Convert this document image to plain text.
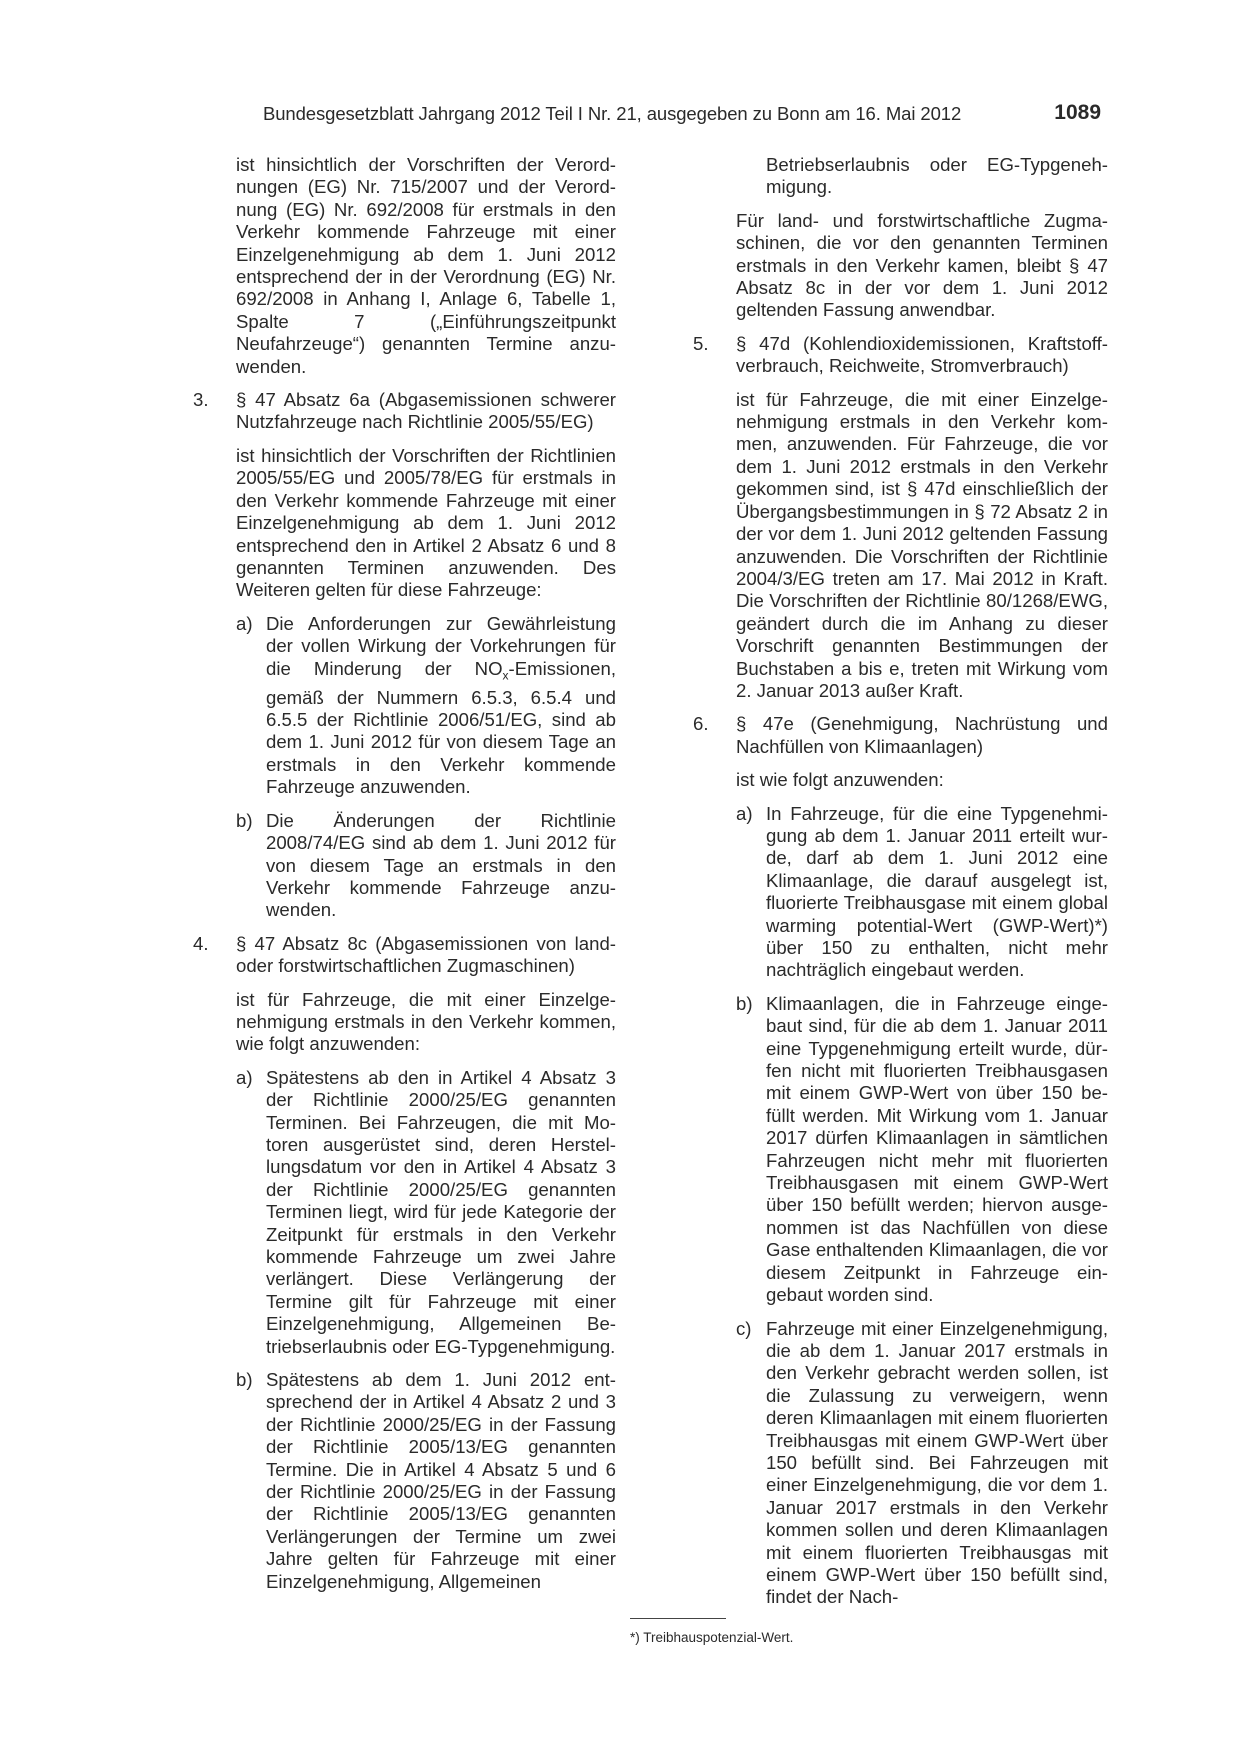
Bundesgesetzblatt Jahrgang 2012 Teil I Nr. 21, ausgegeben zu Bonn am 16. Mai 2012	1089

ist hinsichtlich der Vorschriften der Verordnungen (EG) Nr. 715/2007 und der Verordnung (EG) Nr. 692/2008 für erstmals in den Verkehr kommende Fahrzeuge mit einer Einzelgenehmigung ab dem 1. Juni 2012 entsprechend der in der Verordnung (EG) Nr. 692/2008 in Anhang I, Anlage 6, Tabelle 1, Spalte 7 („Einführungszeitpunkt Neufahrzeuge“) genannten Termine anzuwenden.

3. § 47 Absatz 6a (Abgasemissionen schwerer Nutzfahrzeuge nach Richtlinie 2005/55/EG)

ist hinsichtlich der Vorschriften der Richtlinien 2005/55/EG und 2005/78/EG für erstmals in den Verkehr kommende Fahrzeuge mit einer Einzelgenehmigung ab dem 1. Juni 2012 entsprechend den in Artikel 2 Absatz 6 und 8 genannten Terminen anzuwenden. Des Weiteren gelten für diese Fahrzeuge:

a) Die Anforderungen zur Gewährleistung der vollen Wirkung der Vorkehrungen für die Minderung der $NO_x$-Emissionen, gemäß der Nummern 6.5.3, 6.5.4 und 6.5.5 der Richtlinie 2006/51/EG, sind ab dem 1. Juni 2012 für von diesem Tage an erstmals in den Verkehr kommende Fahrzeuge anzuwenden.

b) Die Änderungen der Richtlinie 2008/74/EG sind ab dem 1. Juni 2012 für von diesem Tage an erstmals in den Verkehr kommende Fahrzeuge anzuwenden.

4. § 47 Absatz 8c (Abgasemissionen von land- oder forstwirtschaftlichen Zugmaschinen)

ist für Fahrzeuge, die mit einer Einzelgenehmigung erstmals in den Verkehr kommen, wie folgt anzuwenden:

a) Spätestens ab den in Artikel 4 Absatz 3 der Richtlinie 2000/25/EG genannten Terminen. Bei Fahrzeugen, die mit Motoren ausgerüstet sind, deren Herstellungsdatum vor den in Artikel 4 Absatz 3 der Richtlinie 2000/25/EG genannten Terminen liegt, wird für jede Kategorie der Zeitpunkt für erstmals in den Verkehr kommende Fahrzeuge um zwei Jahre verlängert. Diese Verlängerung der Termine gilt für Fahrzeuge mit einer Einzelgenehmigung, Allgemeinen Betriebserlaubnis oder EG-Typgenehmigung.

b) Spätestens ab dem 1. Juni 2012 entsprechend der in Artikel 4 Absatz 2 und 3 der Richtlinie 2000/25/EG in der Fassung der Richtlinie 2005/13/EG genannten Termine. Die in Artikel 4 Absatz 5 und 6 der Richtlinie 2000/25/EG in der Fassung der Richtlinie 2005/13/EG genannten Verlängerungen der Termine um zwei Jahre gelten für Fahrzeuge mit einer Einzelgenehmigung, Allgemeinen

Betriebserlaubnis oder EG-Typgenehmigung.

Für land- und forstwirtschaftliche Zugmaschinen, die vor den genannten Terminen erstmals in den Verkehr kamen, bleibt § 47 Absatz 8c in der vor dem 1. Juni 2012 geltenden Fassung anwendbar.

5. § 47d (Kohlendioxidemissionen, Kraftstoffverbrauch, Reichweite, Stromverbrauch)

ist für Fahrzeuge, die mit einer Einzelgenehmigung erstmals in den Verkehr kommen, anzuwenden. Für Fahrzeuge, die vor dem 1. Juni 2012 erstmals in den Verkehr gekommen sind, ist § 47d einschließlich der Übergangsbestimmungen in § 72 Absatz 2 in der vor dem 1. Juni 2012 geltenden Fassung anzuwenden. Die Vorschriften der Richtlinie 2004/3/EG treten am 17. Mai 2012 in Kraft. Die Vorschriften der Richtlinie 80/1268/EWG, geändert durch die im Anhang zu dieser Vorschrift genannten Bestimmungen der Buchstaben a bis e, treten mit Wirkung vom 2. Januar 2013 außer Kraft.

6. § 47e (Genehmigung, Nachrüstung und Nachfüllen von Klimaanlagen)

ist wie folgt anzuwenden:

a) In Fahrzeuge, für die eine Typgenehmigung ab dem 1. Januar 2011 erteilt wurde, darf ab dem 1. Juni 2012 eine Klimaanlage, die darauf ausgelegt ist, fluorierte Treibhausgase mit einem global warming potential-Wert (GWP-Wert)*) über 150 zu enthalten, nicht mehr nachträglich eingebaut werden.

b) Klimaanlagen, die in Fahrzeuge eingebaut sind, für die ab dem 1. Januar 2011 eine Typgenehmigung erteilt wurde, dürfen nicht mit fluorierten Treibhausgasen mit einem GWP-Wert von über 150 befüllt werden. Mit Wirkung vom 1. Januar 2017 dürfen Klimaanlagen in sämtlichen Fahrzeugen nicht mehr mit fluorierten Treibhausgasen mit einem GWP-Wert über 150 befüllt werden; hiervon ausgenommen ist das Nachfüllen von diese Gase enthaltenden Klimaanlagen, die vor diesem Zeitpunkt in Fahrzeuge eingebaut worden sind.

c) Fahrzeuge mit einer Einzelgenehmigung, die ab dem 1. Januar 2017 erstmals in den Verkehr gebracht werden sollen, ist die Zulassung zu verweigern, wenn deren Klimaanlagen mit einem fluorierten Treibhausgas mit einem GWP-Wert über 150 befüllt sind. Bei Fahrzeugen mit einer Einzelgenehmigung, die vor dem 1. Januar 2017 erstmals in den Verkehr kommen sollen und deren Klimaanlagen mit einem fluorierten Treibhausgas mit einem GWP-Wert über 150 befüllt sind, findet der Nach-

*) Treibhauspotenzial-Wert.
